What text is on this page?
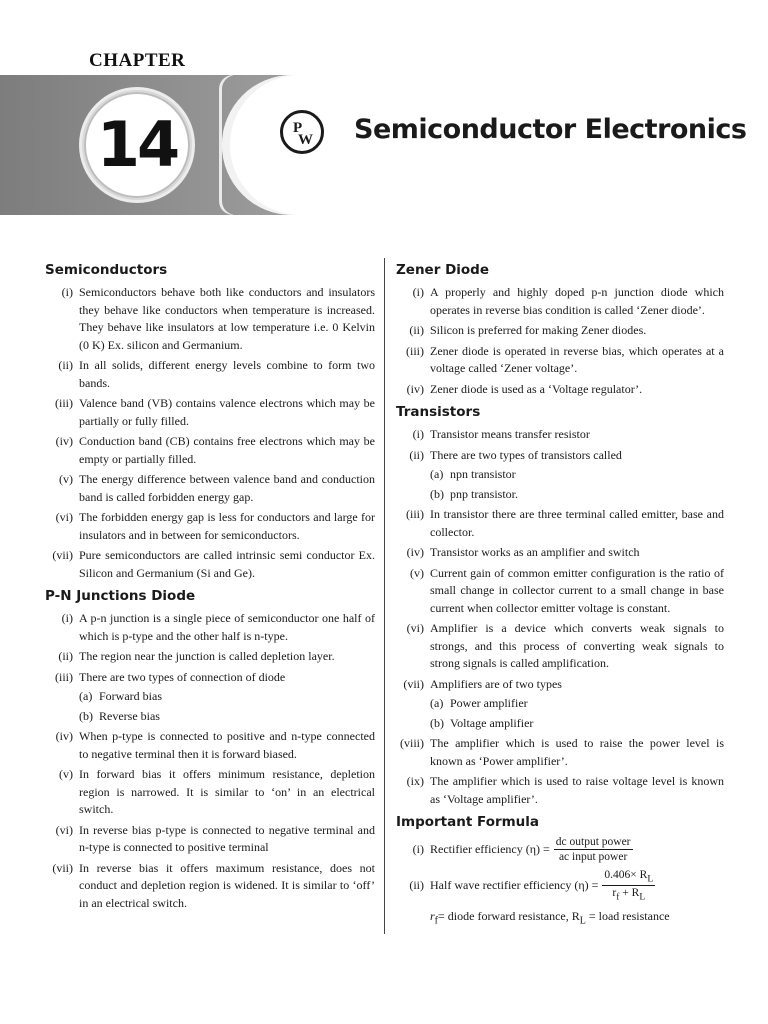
CHAPTER
14	P
W Semiconductor Electronics
Semiconductors
(i) Semiconductors behave both like conductors and insulators they behave like conductors when temperature is increased. They behave like insulators at low temperature i.e. 0 Kelvin (0 K) Ex. silicon and Germanium.
(ii) In all solids, different energy levels combine to form two bands.
(iii) Valence band (VB) contains valence electrons which may be partially or fully filled.
(iv) Conduction band (CB) contains free electrons which may be empty or partially filled.
(v) The energy difference between valence band and conduction band is called forbidden energy gap.
(vi) The forbidden energy gap is less for conductors and large for insulators and in between for semiconductors.
(vii) Pure semiconductors are called intrinsic semi conductor Ex. Silicon and Germanium (Si and Ge).
P-N Junctions Diode
(i) A p-n junction is a single piece of semiconductor one half of which is p-type and the other half is n-type.
(ii) The region near the junction is called depletion layer.
(iii) There are two types of connection of diode
(a) Forward bias
(b) Reverse bias
(iv) When p-type is connected to positive and n-type connected to negative terminal then it is forward biased.
(v) In forward bias it offers minimum resistance, depletion region is narrowed. It is similar to ‘on’ in an electrical switch.
(vi) In reverse bias p-type is connected to negative terminal and n-type is connected to positive terminal
(vii) In reverse bias it offers maximum resistance, does not conduct and depletion region is widened. It is similar to ‘off’ in an electrical switch.
Zener Diode
(i) A properly and highly doped p-n junction diode which operates in reverse bias condition is called ‘Zener diode’.
(ii) Silicon is preferred for making Zener diodes.
(iii) Zener diode is operated in reverse bias, which operates at a voltage called ‘Zener voltage’.
(iv) Zener diode is used as a ‘Voltage regulator’.
Transistors
(i) Transistor means transfer resistor
(ii) There are two types of transistors called
(a) npn transistor
(b) pnp transistor.
(iii) In transistor there are three terminal called emitter, base and collector.
(iv) Transistor works as an amplifier and switch
(v) Current gain of common emitter configuration is the ratio of small change in collector current to a small change in base current when collector emitter voltage is constant.
(vi) Amplifier is a device which converts weak signals to strongs, and this process of converting weak signals to strong signals is called amplification.
(vii) Amplifiers are of two types
(a) Power amplifier
(b) Voltage amplifier
(viii) The amplifier which is used to raise the power level is known as ‘Power amplifier’.
(ix) The amplifier which is used to raise voltage level is known as ‘Voltage amplifier’.
Important Formula
(i) Rectifier efficiency $(\eta) = \frac{\text{dc output power}}{\text{ac input power}}$
(ii) Half wave rectifier efficiency $(\eta) = \frac{0.406\times R_L}{r_f + R_L}$
$r_f=$ diode forward resistance, $R_L$ = load resistance
